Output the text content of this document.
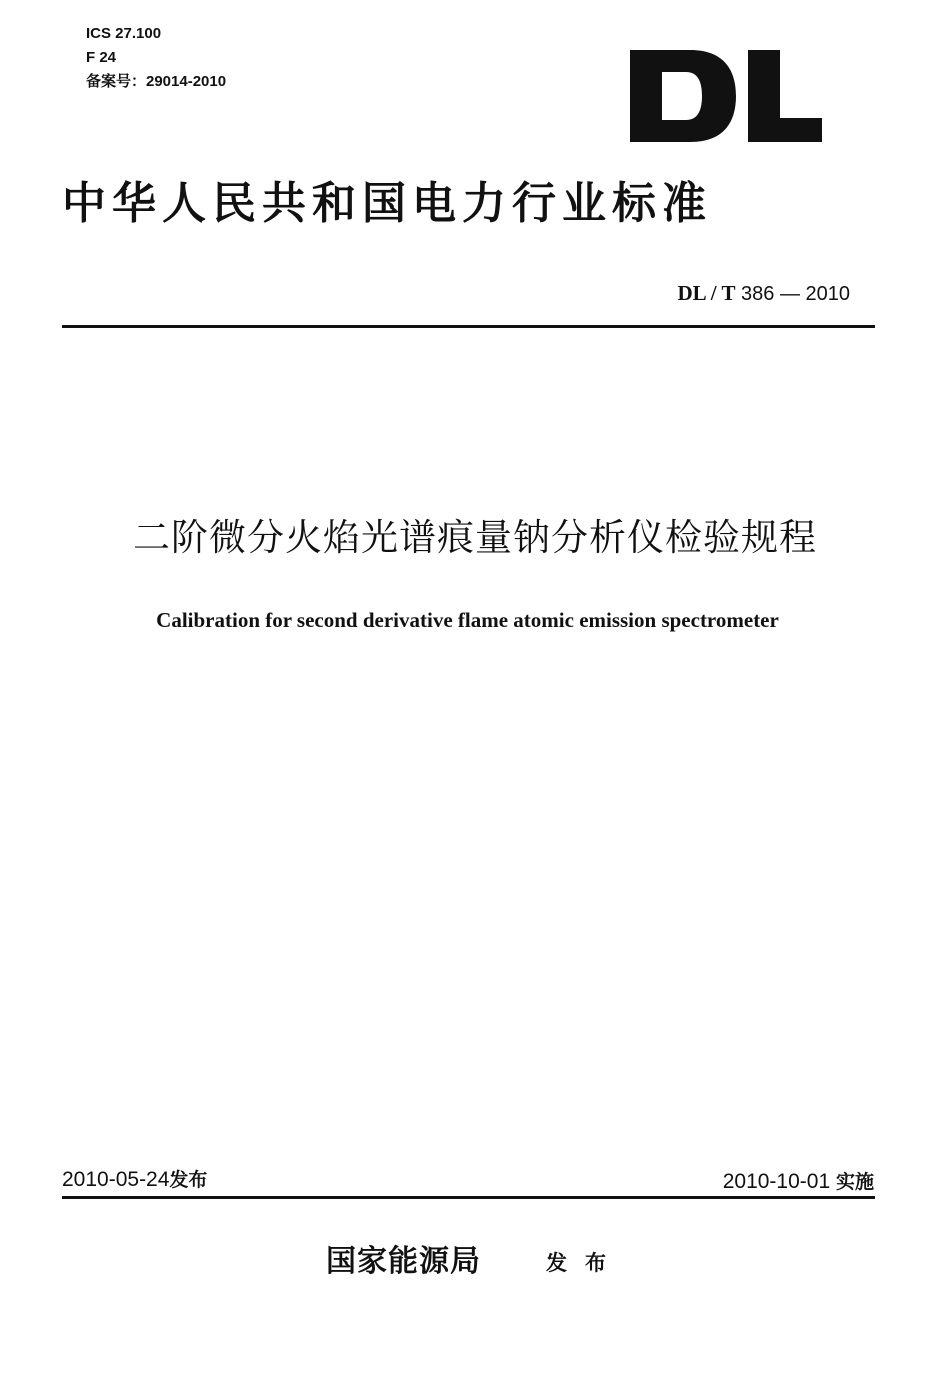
ICS 27.100
F 24
备案号：29014-2010
中华人民共和国电力行业标准
DL / T 386 — 2010
二阶微分火焰光谱痕量钠分析仪检验规程
Calibration for second derivative flame atomic emission spectrometer
2010-05-24发布	2010-10-01 实施
国家能源局	发布
